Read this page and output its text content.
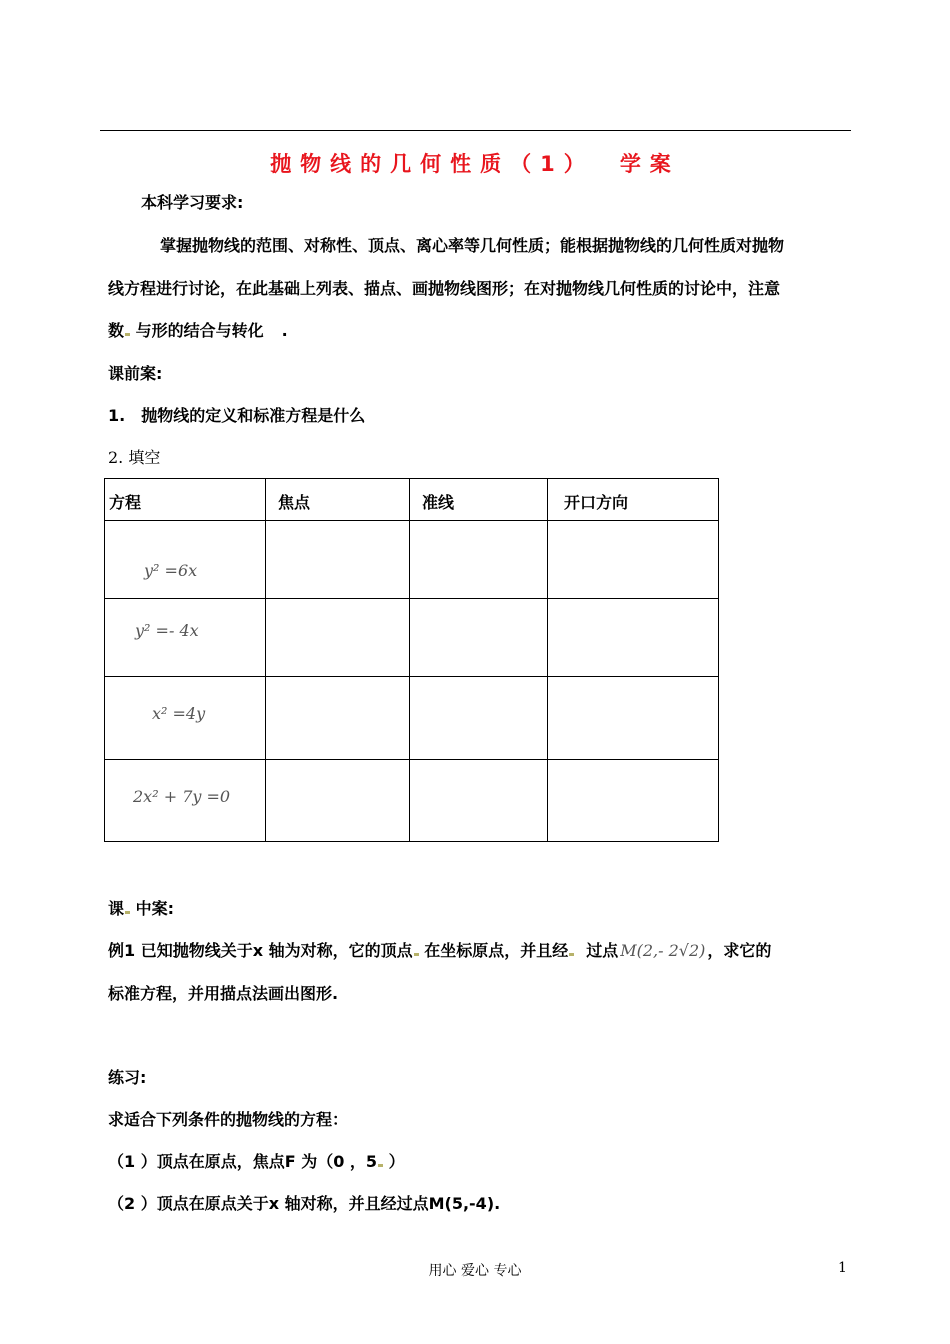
抛物线的几何性质（1） 学案
本科学习要求:
掌握抛物线的范围、对称性、顶点、离心率等几何性质；能根据抛物线的几何性质对抛物
线方程进行讨论，在此基础上列表、描点、画抛物线图形；在对抛物线几何性质的讨论中，注意
数 与形的结合与转化 .
课前案:
1. 抛物线的定义和标准方程是什么
2. 填空
方程	焦点	准线	开口方向

y² =6x			

y² =- 4x			

x² =4y			

2x² + 7y =0			

课 中案:
例1 已知抛物线关于x 轴为对称，它的顶点 在坐标原点，并且经 过点 M(2,- 2√2) ，求它的
标准方程，并用描点法画出图形.
练习:
求适合下列条件的抛物线的方程：
（1 ）顶点在原点，焦点F 为（0 ，5 ）
（2 ）顶点在原点关于x 轴对称，并且经过点M(5,-4).
用心 爱心 专心	1
